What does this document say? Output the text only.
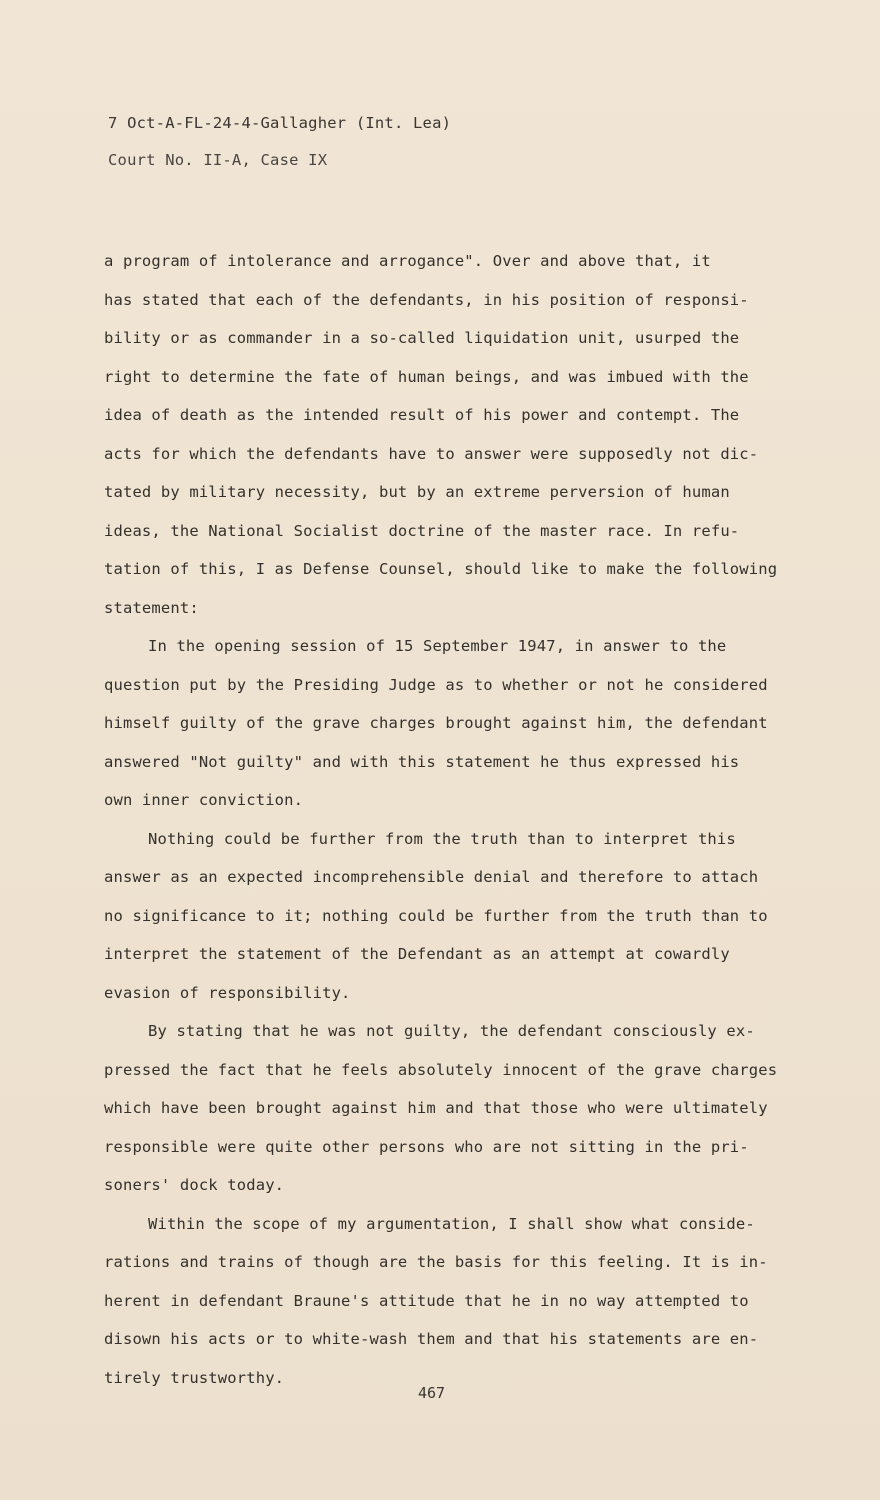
7 Oct-A-FL-24-4-Gallagher (Int. Lea)
Court No. II-A, Case IX
a program of intolerance and arrogance". Over and above that, it
has stated that each of the defendants, in his position of responsi-
bility or as commander in a so-called liquidation unit, usurped the
right to determine the fate of human beings, and was imbued with the
idea of death as the intended result of his power and contempt. The
acts for which the defendants have to answer were supposedly not dic-
tated by military necessity, but by an extreme perversion of human
ideas, the National Socialist doctrine of the master race. In refu-
tation of this, I as Defense Counsel, should like to make the following
statement:
In the opening session of 15 September 1947, in answer to the
question put by the Presiding Judge as to whether or not he considered
himself guilty of the grave charges brought against him, the defendant
answered "Not guilty" and with this statement he thus expressed his
own inner conviction.
Nothing could be further from the truth than to interpret this
answer as an expected incomprehensible denial and therefore to attach
no significance to it; nothing could be further from the truth than to
interpret the statement of the Defendant as an attempt at cowardly
evasion of responsibility.
By stating that he was not guilty, the defendant consciously ex-
pressed the fact that he feels absolutely innocent of the grave charges
which have been brought against him and that those who were ultimately
responsible were quite other persons who are not sitting in the pri-
soners' dock today.
Within the scope of my argumentation, I shall show what conside-
rations and trains of though are the basis for this feeling. It is in-
herent in defendant Braune's attitude that he in no way attempted to
disown his acts or to white-wash them and that his statements are en-
tirely trustworthy.
467
